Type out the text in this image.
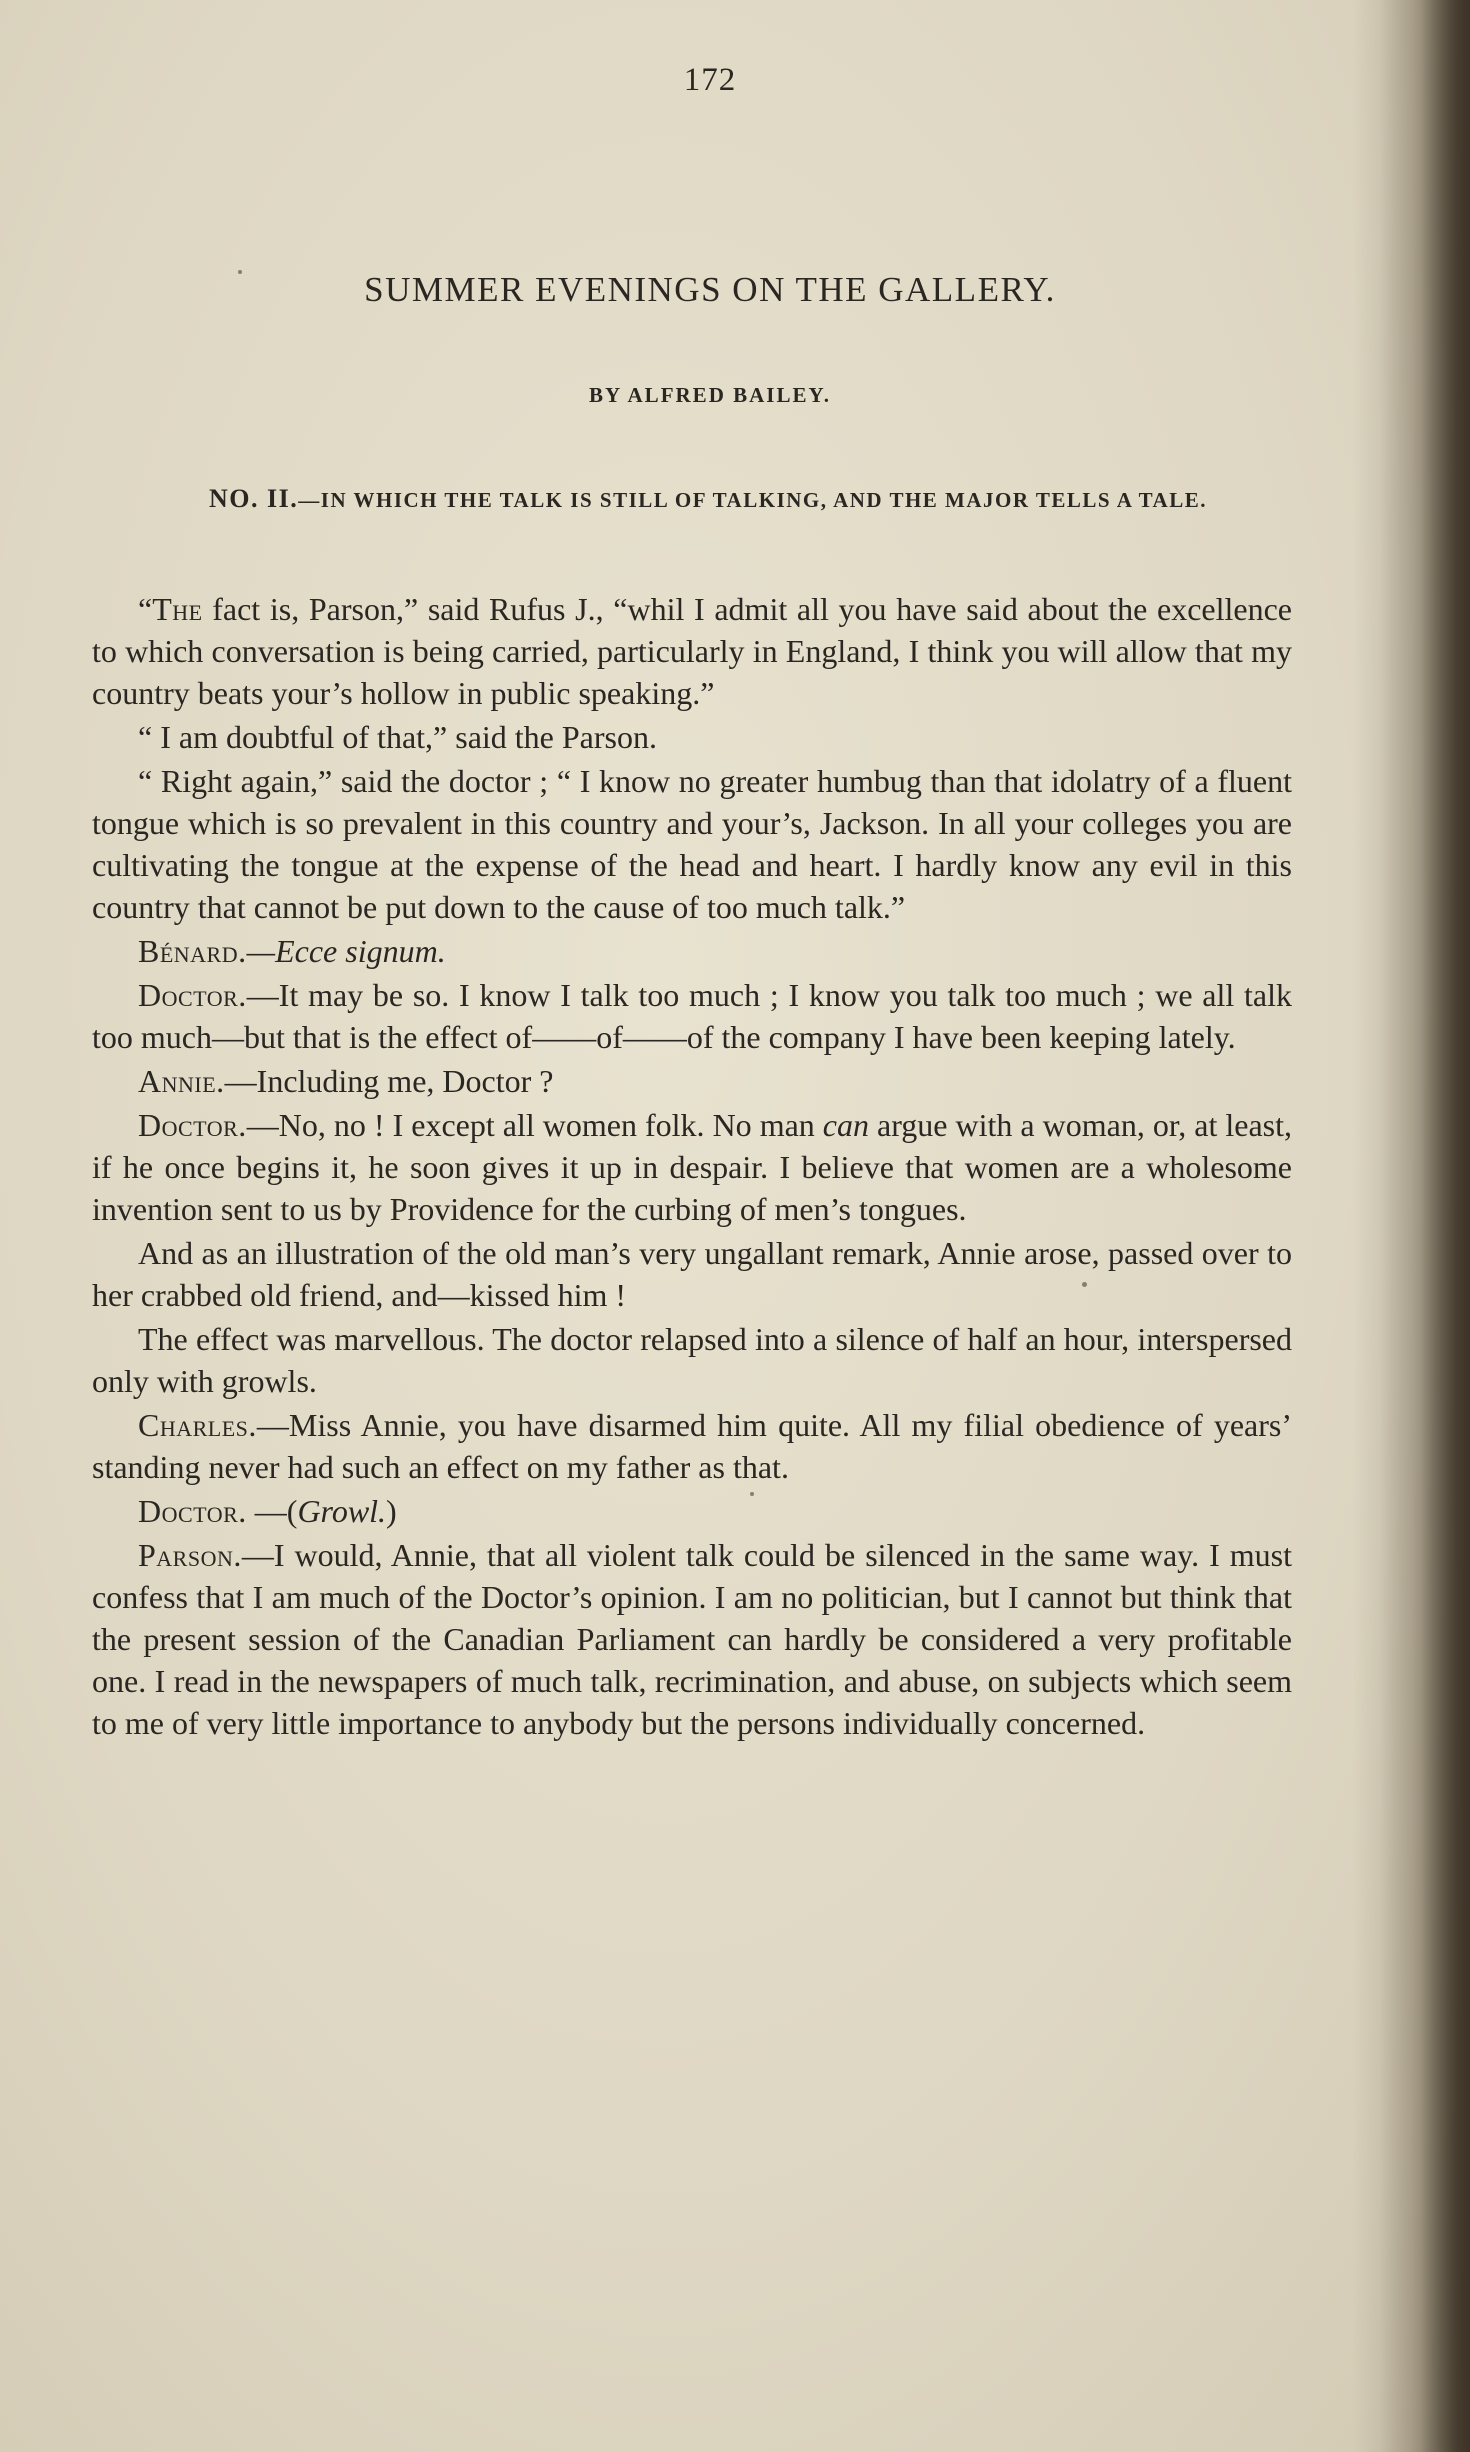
172
SUMMER EVENINGS ON THE GALLERY.
BY ALFRED BAILEY.
NO. II.—IN WHICH THE TALK IS STILL OF TALKING, AND THE MAJOR TELLS A TALE.

“The fact is, Parson,” said Rufus J., “whil I admit all you have said about the excellence to which conversation is being carried, particularly in England, I think you will allow that my country beats your’s hollow in public speaking.”

“ I am doubtful of that,” said the Parson.

“ Right again,” said the doctor ; “ I know no greater humbug than that idolatry of a fluent tongue which is so prevalent in this country and your’s, Jackson. In all your colleges you are cultivating the tongue at the expense of the head and heart. I hardly know any evil in this country that cannot be put down to the cause of too much talk.”

Bénard.—Ecce signum.

Doctor.—It may be so. I know I talk too much ; I know you talk too much ; we all talk too much—but that is the effect of——of——of the company I have been keeping lately.

Annie.—Including me, Doctor ?

Doctor.—No, no ! I except all women folk. No man can argue with a woman, or, at least, if he once begins it, he soon gives it up in despair. I believe that women are a wholesome invention sent to us by Providence for the curbing of men’s tongues.

And as an illustration of the old man’s very ungallant remark, Annie arose, passed over to her crabbed old friend, and—kissed him !

The effect was marvellous. The doctor relapsed into a silence of half an hour, interspersed only with growls.

Charles.—Miss Annie, you have disarmed him quite. All my filial obedience of years’ standing never had such an effect on my father as that.

Doctor. —(Growl.)

Parson.—I would, Annie, that all violent talk could be silenced in the same way. I must confess that I am much of the Doctor’s opinion. I am no politician, but I cannot but think that the present session of the Canadian Parliament can hardly be considered a very profitable one. I read in the newspapers of much talk, recrimination, and abuse, on subjects which seem to me of very little importance to anybody but the persons individually concerned.
